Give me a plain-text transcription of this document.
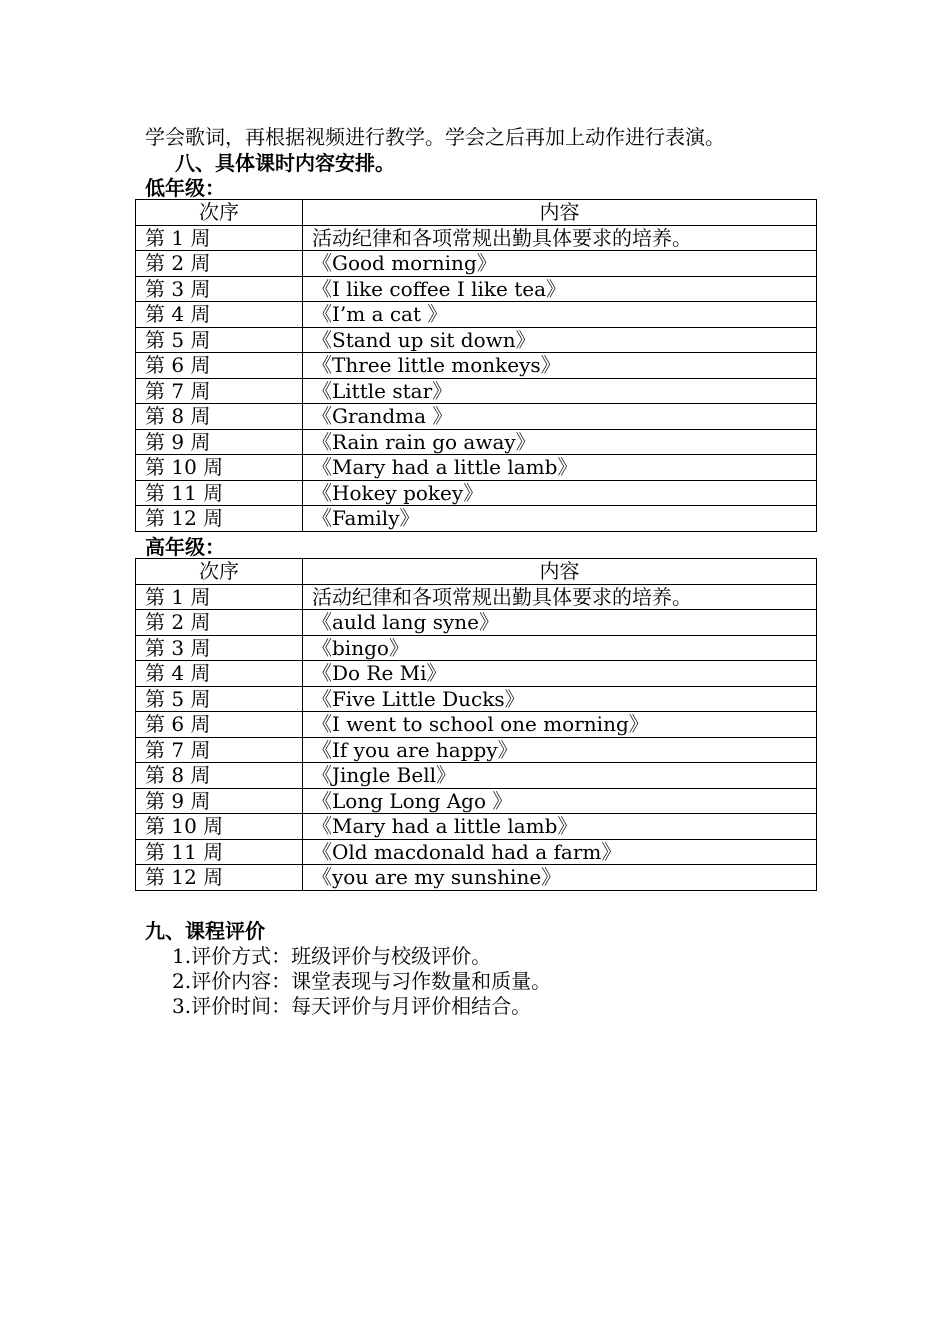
学会歌词，再根据视频进行教学。学会之后再加上动作进行表演。
八、具体课时内容安排。
低年级：
次序	内容
第 1 周	活动纪律和各项常规出勤具体要求的培养。
第 2 周	《Good morning》
第 3 周	《I like coffee I like tea》
第 4 周	《I’m a cat 》
第 5 周	《Stand up sit down》
第 6 周	《Three little monkeys》
第 7 周	《Little star》
第 8 周	《Grandma 》
第 9 周	《Rain rain go away》
第 10 周	《Mary had a little lamb》
第 11 周	《Hokey pokey》
第 12 周	《Family》
高年级：
次序	内容
第 1 周	活动纪律和各项常规出勤具体要求的培养。
第 2 周	《auld lang syne》
第 3 周	《bingo》
第 4 周	《Do Re Mi》
第 5 周	《Five Little Ducks》
第 6 周	《I went to school one morning》
第 7 周	《If you are happy》
第 8 周	《Jingle Bell》
第 9 周	《Long Long Ago 》
第 10 周	《Mary had a little lamb》
第 11 周	《Old macdonald had a farm》
第 12 周	《you are my sunshine》
九、课程评价
1.评价方式：班级评价与校级评价。
2.评价内容：课堂表现与习作数量和质量。
3.评价时间：每天评价与月评价相结合。
